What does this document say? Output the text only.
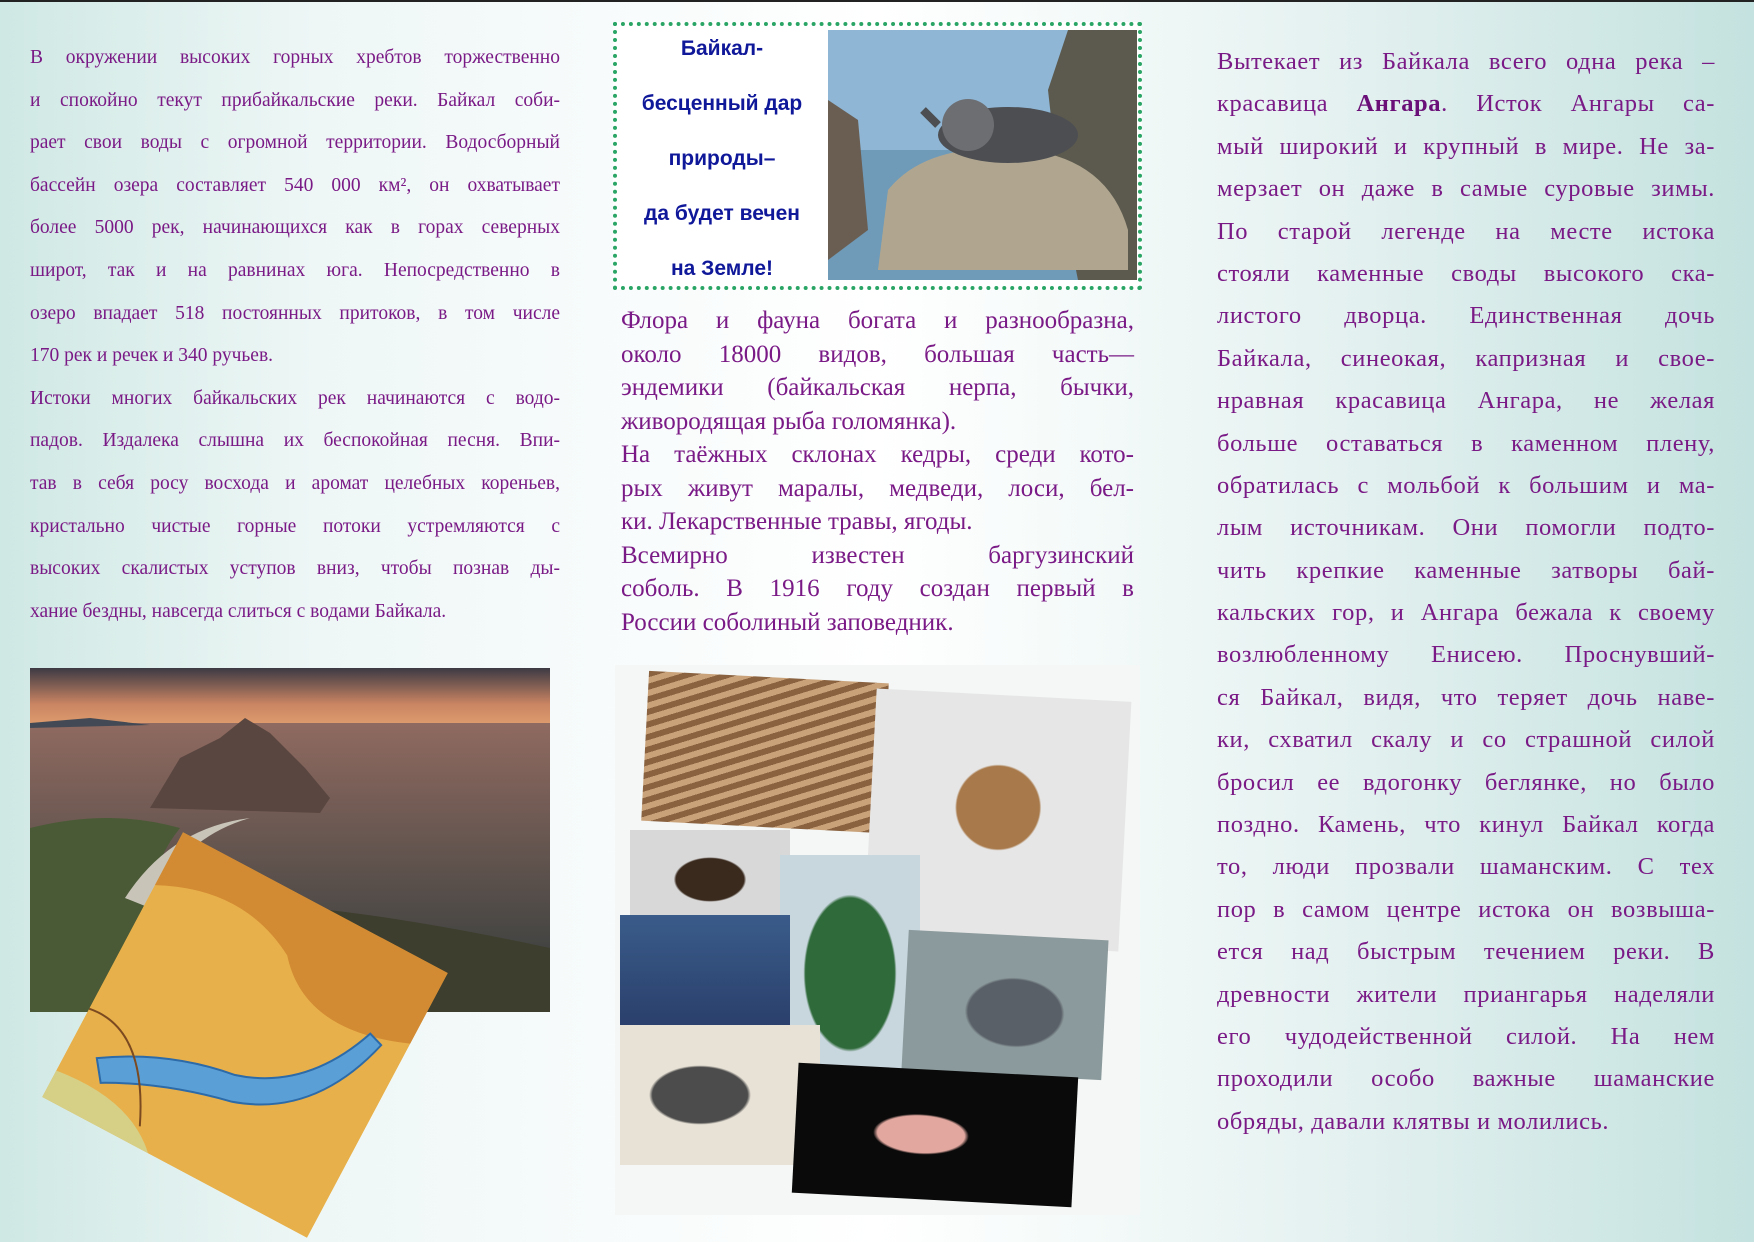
В окружении высоких горных хребтов торжественно
и спокойно текут прибайкальские реки. Байкал соби-
рает свои воды с огромной территории. Водосборный
бассейн озера составляет 540 000 км², он охватывает
более 5000 рек, начинающихся как в горах северных
широт, так и на равнинах юга. Непосредственно в
озеро впадает 518 постоянных притоков, в том числе
170 рек и речек и 340 ручьев.
Истоки многих байкальских рек начинаются с водо-
падов. Издалека слышна их беспокойная песня. Впи-
тав в себя росу восхода и аромат целебных кореньев,
кристально чистые горные потоки устремляются с
высоких скалистых уступов вниз, чтобы познав ды-
хание бездны, навсегда слиться с водами Байкала.
Байкал-
бесценный дар
природы–
да будет вечен
на Земле!
Флора и фауна богата и разнообразна,
около 18000 видов, большая часть—
эндемики (байкальская нерпа, бычки,
живородящая рыба голомянка).
На таёжных склонах кедры, среди кото-
рых живут маралы, медведи, лоси, бел-
ки. Лекарственные травы, ягоды.
Всемирно известен баргузинский
соболь. В 1916 году создан первый в
России соболиный заповедник.
Вытекает из Байкала всего одна река –
красавица Ангара. Исток Ангары са-
мый широкий и крупный в мире. Не за-
мерзает он даже в самые суровые зимы.
По старой легенде на месте истока
стояли каменные своды высокого ска-
листого дворца. Единственная дочь
Байкала, синеокая, капризная и свое-
нравная красавица Ангара, не желая
больше оставаться в каменном плену,
обратилась с мольбой к большим и ма-
лым источникам. Они помогли подто-
чить крепкие каменные затворы бай-
кальских гор, и Ангара бежала к своему
возлюбленному Енисею. Проснувший-
ся Байкал, видя, что теряет дочь наве-
ки, схватил скалу и со страшной силой
бросил ее вдогонку беглянке, но было
поздно. Камень, что кинул Байкал когда
то, люди прозвали шаманским. С тех
пор в самом центре истока он возвыша-
ется над быстрым течением реки. В
древности жители приангарья наделяли
его чудодейственной силой. На нем
проходили особо важные шаманские
обряды, давали клятвы и молились.
